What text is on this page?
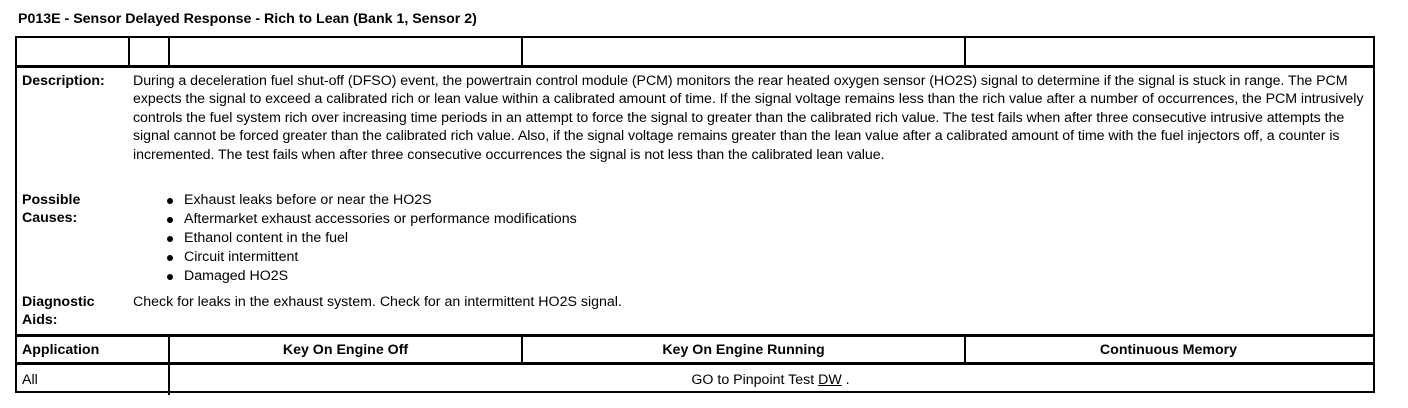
P013E - Sensor Delayed Response - Rich to Lean (Bank 1, Sensor 2)
Description: During a deceleration fuel shut-off (DFSO) event, the powertrain control module (PCM) monitors the rear heated oxygen sensor (HO2S) signal to determine if the signal is stuck in range. The PCM expects the signal to exceed a calibrated rich or lean value within a calibrated amount of time. If the signal voltage remains less than the rich value after a number of occurrences, the PCM intrusively controls the fuel system rich over increasing time periods in an attempt to force the signal to greater than the calibrated rich value. The test fails when after three consecutive intrusive attempts the signal cannot be forced greater than the calibrated rich value. Also, if the signal voltage remains greater than the lean value after a calibrated amount of time with the fuel injectors off, a counter is incremented. The test fails when after three consecutive occurrences the signal is not less than the calibrated lean value.
Possible
Causes:
Exhaust leaks before or near the HO2S
Aftermarket exhaust accessories or performance modifications
Ethanol content in the fuel
Circuit intermittent
Damaged HO2S
Diagnostic
Aids:
Check for leaks in the exhaust system. Check for an intermittent HO2S signal.
Application	Key On Engine Off	Key On Engine Running	Continuous Memory
All	GO to Pinpoint Test DW .
